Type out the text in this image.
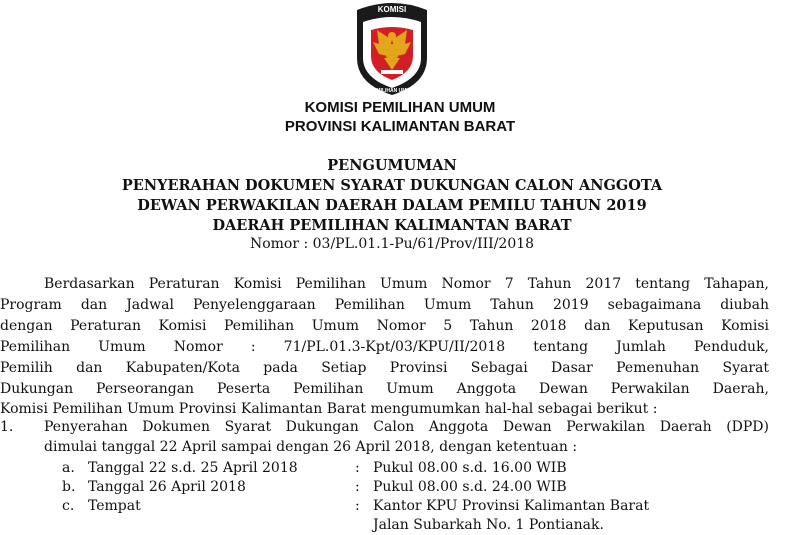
KOMISI
PEMILIHAN UMUM
KOMISI PEMILIHAN UMUM
PROVINSI KALIMANTAN BARAT
PENGUMUMAN
PENYERAHAN DOKUMEN SYARAT DUKUNGAN CALON ANGGOTA
DEWAN PERWAKILAN DAERAH DALAM PEMILU TAHUN 2019
DAERAH PEMILIHAN KALIMANTAN BARAT
Nomor : 03/PL.01.1-Pu/61/Prov/III/2018
Berdasarkan Peraturan Komisi Pemilihan Umum Nomor 7 Tahun 2017 tentang Tahapan,
Program dan Jadwal Penyelenggaraan Pemilihan Umum Tahun 2019 sebagaimana diubah
dengan Peraturan Komisi Pemilihan Umum Nomor 5 Tahun 2018 dan Keputusan Komisi
Pemilihan Umum Nomor : 71/PL.01.3-Kpt/03/KPU/II/2018 tentang Jumlah Penduduk,
Pemilih dan Kabupaten/Kota pada Setiap Provinsi Sebagai Dasar Pemenuhan Syarat
Dukungan Perseorangan Peserta Pemilihan Umum Anggota Dewan Perwakilan Daerah,
Komisi Pemilihan Umum Provinsi Kalimantan Barat mengumumkan hal-hal sebagai berikut :
1. Penyerahan Dokumen Syarat Dukungan Calon Anggota Dewan Perwakilan Daerah (DPD)
dimulai tanggal 22 April sampai dengan 26 April 2018, dengan ketentuan :
a. Tanggal 22 s.d. 25 April 2018	: Pukul 08.00 s.d. 16.00 WIB
b. Tanggal 26 April 2018	: Pukul 08.00 s.d. 24.00 WIB
c. Tempat	: Kantor KPU Provinsi Kalimantan Barat
Jalan Subarkah No. 1 Pontianak.
